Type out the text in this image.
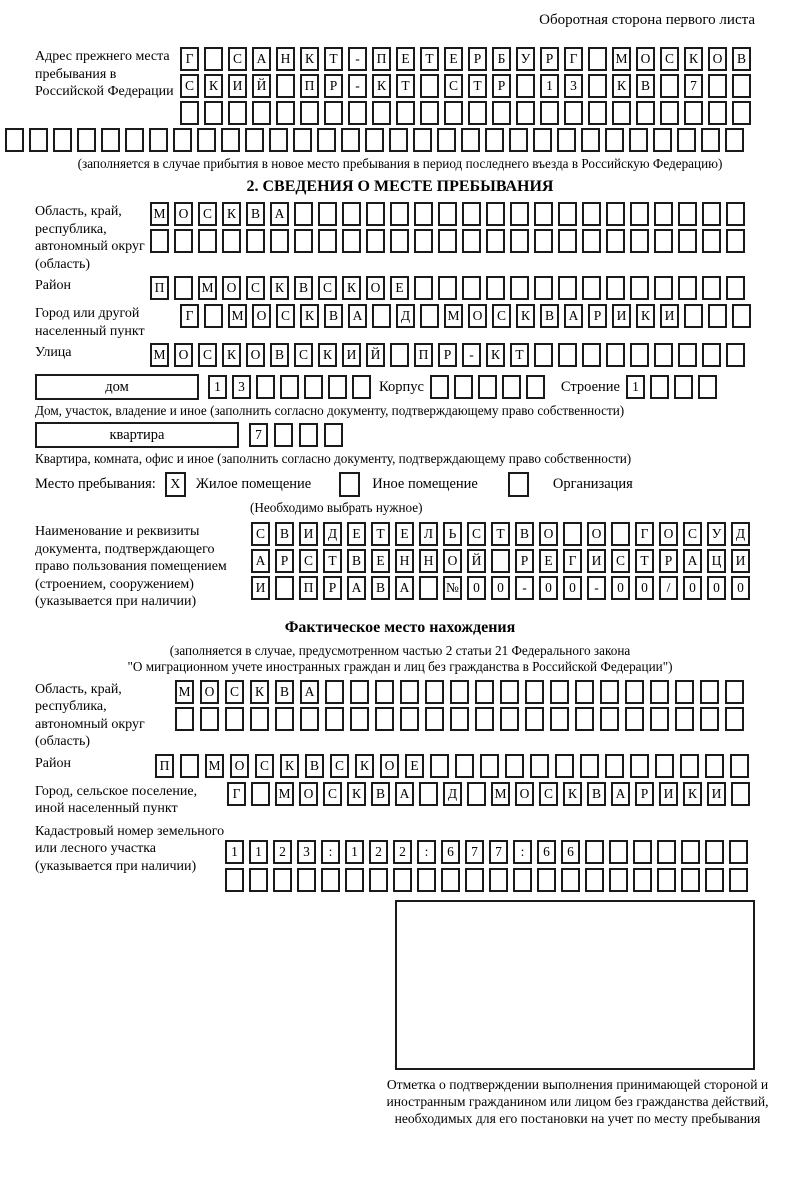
Оборотная сторона первого листа
Адрес прежнего места пребывания в Российской Федерации
Г	С	А	Н	К	Т	-	П	Е	Т	Е	Р	Б	У	Р	Г	М О	С	К	О	В
С	К	И	Й	П	Р	-	К	Т	С	Т	Р	1	3	К	В	7
(заполняется в случае прибытия в новое место пребывания в период последнего въезда в Российскую Федерацию)
2. СВЕДЕНИЯ О МЕСТЕ ПРЕБЫВАНИЯ
Область, край, республика, автономный округ (область)
М О	С	К	В	А
Район	П	М О	С	К	В	С	К	О	Е
Город или другой населенный пункт
Г	М О	С	К	В	А	Д	М О	С	К	В	А	Р	И	К	И
Улица	М О	С	К	О	В	С	К	И	Й	П	Р	-	К	Т
дом	1	3	Корпус	Строение 1
Дом, участок, владение и иное (заполнить согласно документу, подтверждающему право собственности)
квартира	7
Квартира, комната, офис и иное (заполнить согласно документу, подтверждающему право собственности)
Место пребывания:	X	Жилое помещение	Иное помещение	Организация
(Необходимо выбрать нужное)
Наименование и реквизиты документа, подтверждающего право пользования помещением (строением, сооружением) (указывается при наличии)
С	В	И	Д	Е	Т	Е	Л	Ь	С	Т	В	О	О	Г	О	С	У	Д
А	Р	С	Т	В	Е	Н	Н	О	Й	Р	Е	Г	И	С	Т	Р	А	Ц	И
И	П	Р	А	В	А	№	0	0	-	0	0	-	0	0	/	0	0	0
Фактическое место нахождения
(заполняется в случае, предусмотренном частью 2 статьи 21 Федерального закона
"О миграционном учете иностранных граждан и лиц без гражданства в Российской Федерации")
Область, край, республика, автономный округ (область)
М	О	С	К	В	А
Район	П	М	О	С	К	В	С	К	О	Е
Город, сельское поселение, иной населенный пункт
Г	М О	С	К	В	А	Д	М О	С	К	В	А	Р	И	К	И
Кадастровый номер земельного или лесного участка (указывается при наличии)
1	1	2	3	:	1	2	2	:	6	7	7	:	6	6
Отметка о подтверждении выполнения принимающей стороной и иностранным гражданином или лицом без гражданства действий, необходимых для его постановки на учет по месту пребывания
